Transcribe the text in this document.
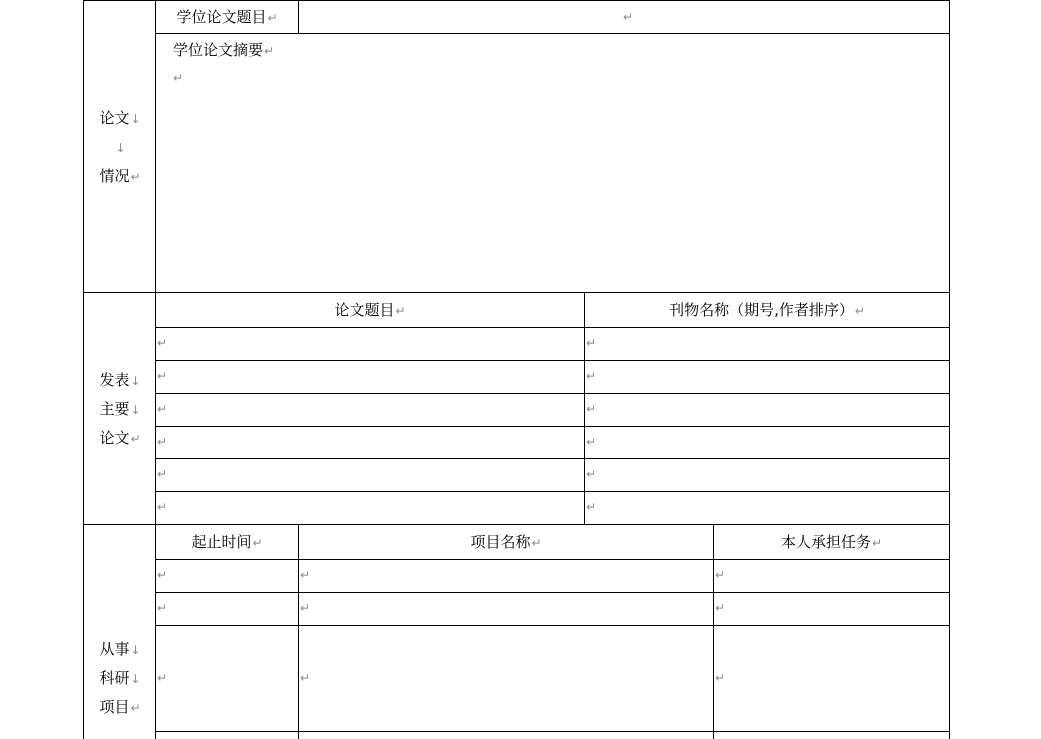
论文↓
↓
情况↵
学位论文题目↵	↵
学位论文摘要↵
↵
发表↓
主要↓
论文↵
论文题目↵	刊物名称（期号,作者排序）↵
↵	↵
↵	↵
↵	↵
↵	↵
↵	↵
↵	↵
从事↓
科研↓
项目↵
起止时间↵	项目名称↵	本人承担任务↵
↵	↵	↵
↵	↵	↵
↵	↵	↵
